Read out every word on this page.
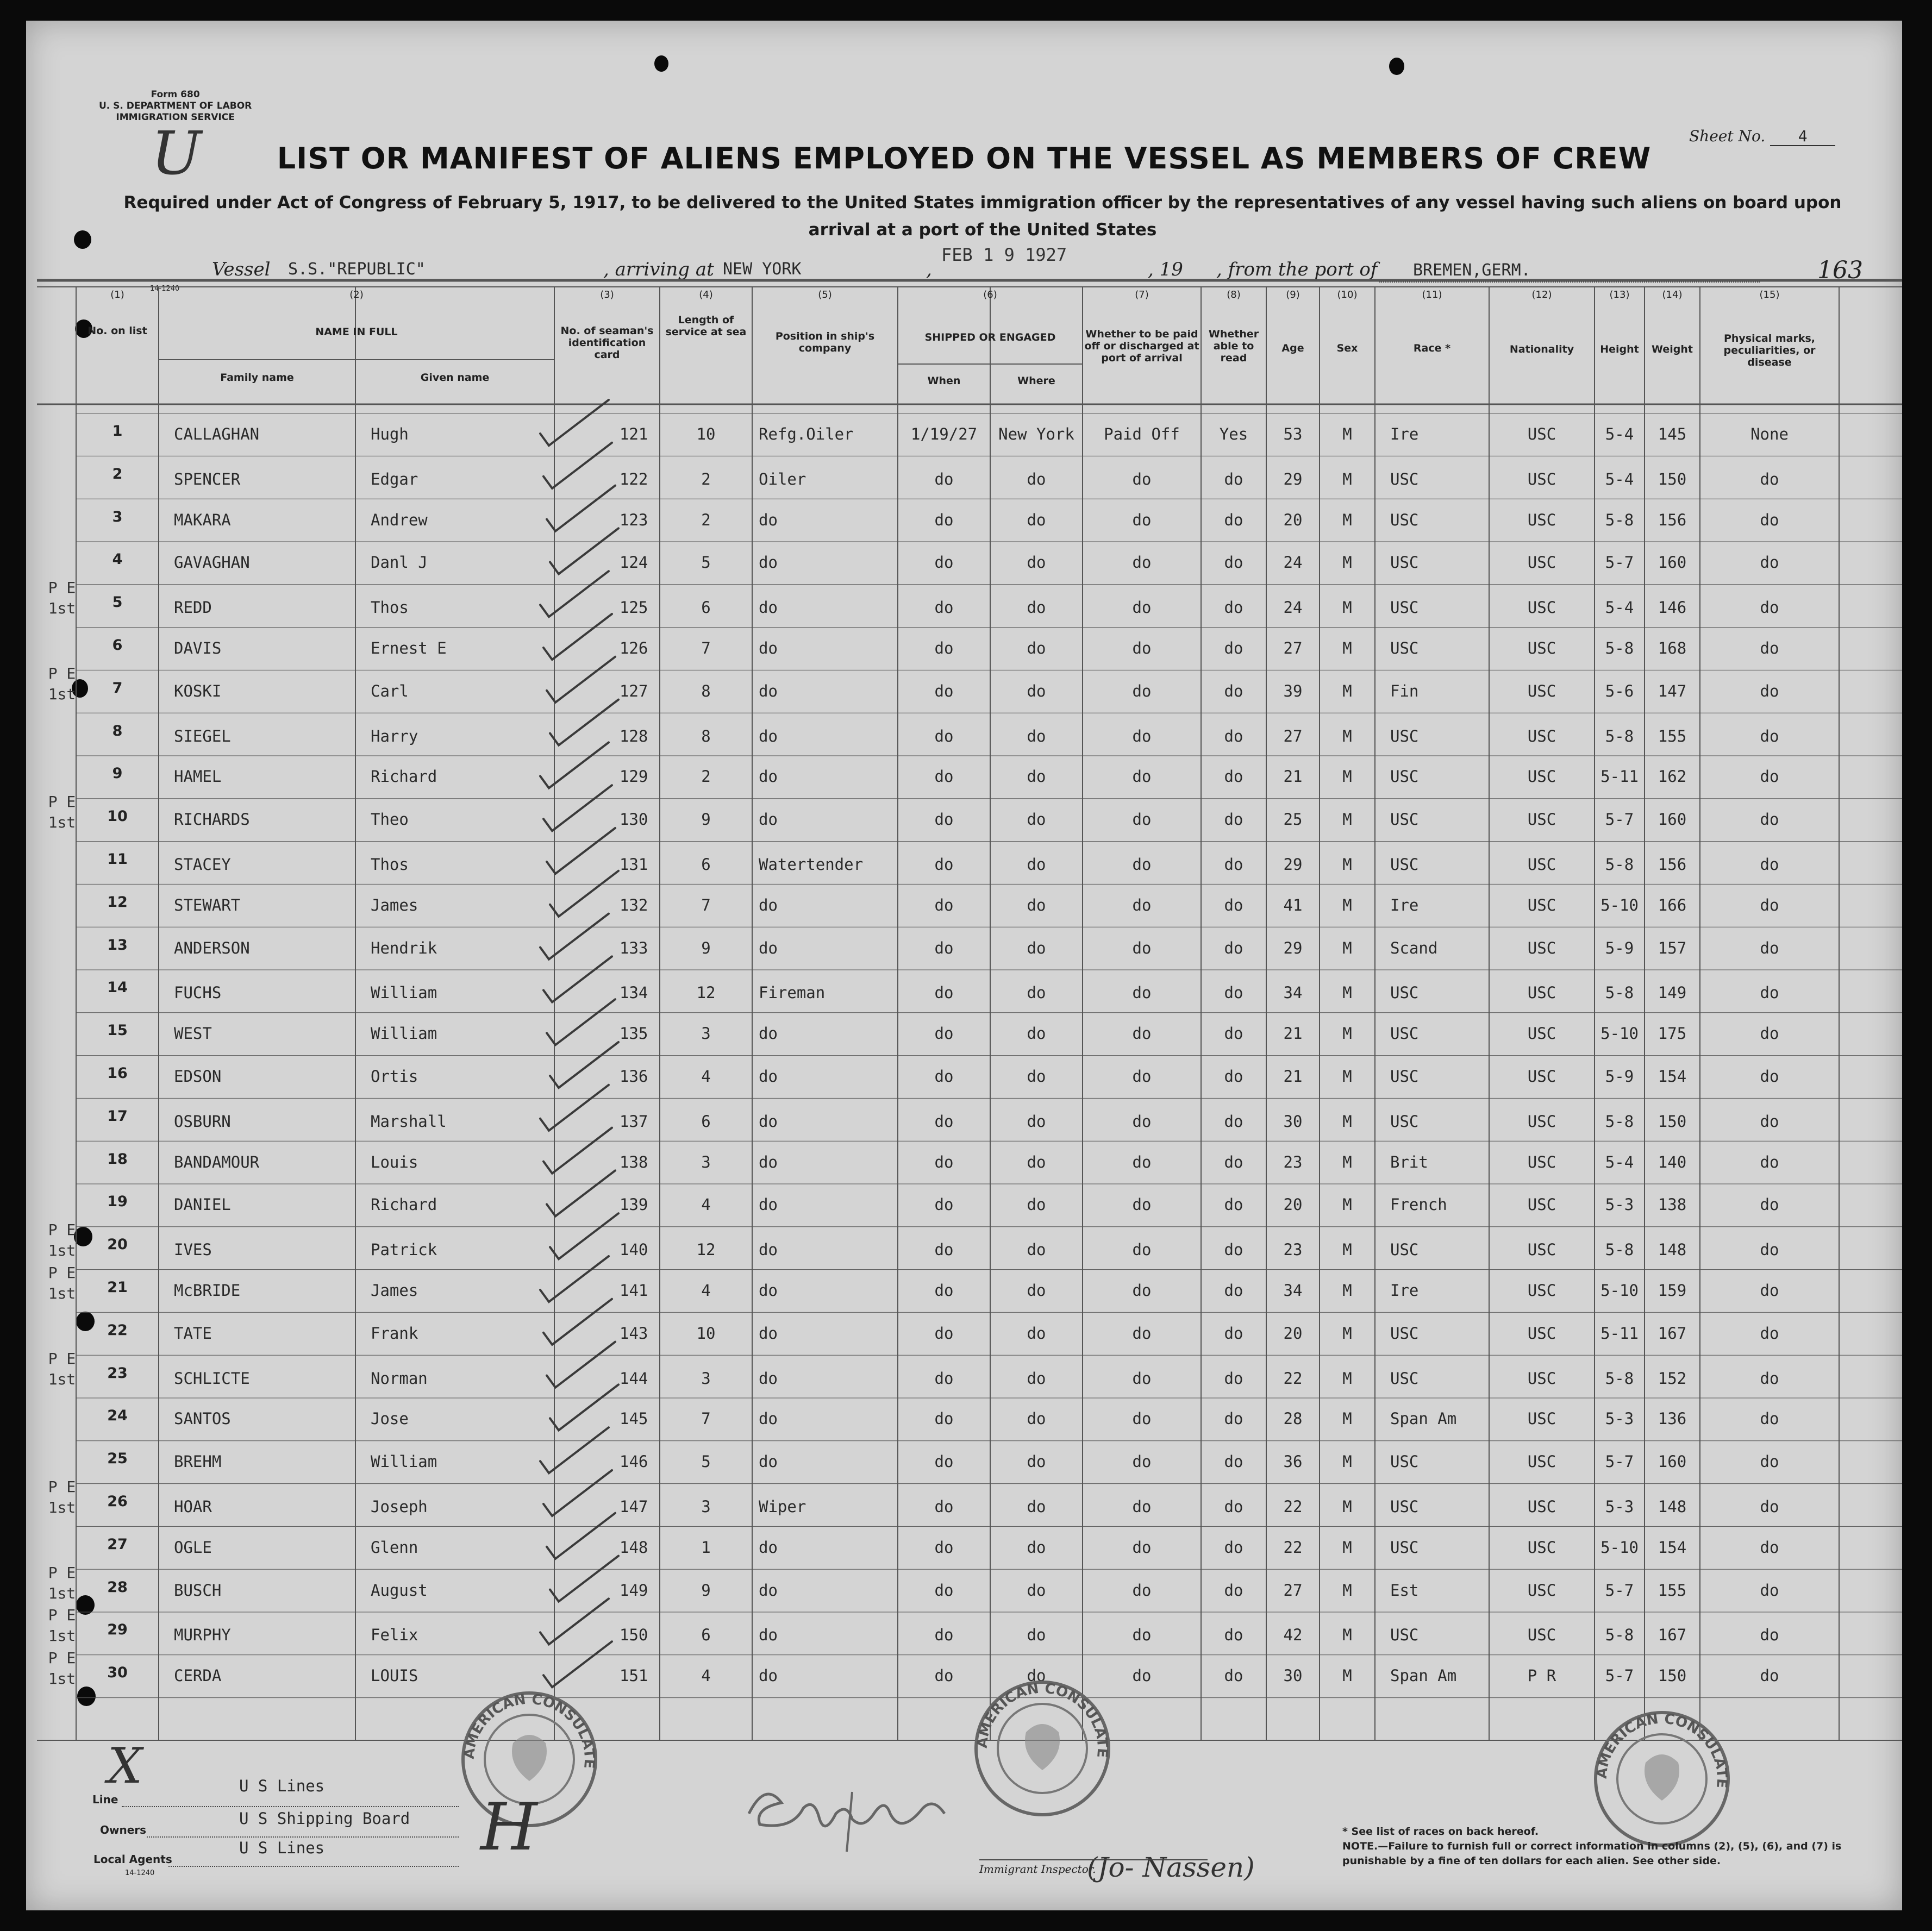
Form 680
U. S. DEPARTMENT OF LABOR
IMMIGRATION SERVICE
U	Sheet No. 4
LIST OR MANIFEST OF ALIENS EMPLOYED ON THE VESSEL AS MEMBERS OF CREW
Required under Act of Congress of February 5, 1917, to be delivered to the United States immigration officer by the representatives of any vessel having such aliens on board upon arrival at a port of the United States
FEB 1 9 1927
Vessel S.S."REPUBLIC"	, arriving at NEW YORK	,	, 19 , from the port of BREMEN,GERM.	163
14-1240
(1)	(2)	(3)	(4)	(5)	(6)	(7)	(8)	(9)	(10)	(11)	(12)	(13)	(14)	(15)
No. on list	NAME IN FULL
Family name	Given name
No. of seaman's identification card
Length of service at sea	Position in ship's company
SHIPPED OR ENGAGED
When	Where
Whether to be paid off or discharged at port of arrival
Whether able to read
Age	Sex	Race *	Nationality	Height	Weight
Physical marks, peculiarities, or disease
1	CALLAGHAN	Hugh	121	10	Refg.Oiler	1/19/27	New York	Paid Off	Yes	53	M	Ire	USC	5-4	145	None
2	SPENCER	Edgar	122	2	Oiler	do	do	do	do	29	M	USC	USC	5-4	150	do
3	MAKARA	Andrew	123	2	do	do	do	do	do	20	M	USC	USC	5-8	156	do
4	GAVAGHAN	Danl J	124	5	do	do	do	do	do	24	M	USC	USC	5-7	160	do
5	REDD	Thos	125	6	do	do	do	do	do	24	M	USC	USC	5-4	146	do
6	DAVIS	Ernest E	126	7	do	do	do	do	do	27	M	USC	USC	5-8	168	do
7	KOSKI	Carl	127	8	do	do	do	do	do	39	M	Fin	USC	5-6	147	do
8	SIEGEL	Harry	128	8	do	do	do	do	do	27	M	USC	USC	5-8	155	do
9	HAMEL	Richard	129	2	do	do	do	do	do	21	M	USC	USC	5-11	162	do
10	RICHARDS	Theo	130	9	do	do	do	do	do	25	M	USC	USC	5-7	160	do
11	STACEY	Thos	131	6	Watertender	do	do	do	do	29	M	USC	USC	5-8	156	do
12	STEWART	James	132	7	do	do	do	do	do	41	M	Ire	USC	5-10	166	do
13	ANDERSON	Hendrik	133	9	do	do	do	do	do	29	M	Scand	USC	5-9	157	do
14	FUCHS	William	134	12	Fireman	do	do	do	do	34	M	USC	USC	5-8	149	do
15	WEST	William	135	3	do	do	do	do	do	21	M	USC	USC	5-10	175	do
16	EDSON	Ortis	136	4	do	do	do	do	do	21	M	USC	USC	5-9	154	do
17	OSBURN	Marshall	137	6	do	do	do	do	do	30	M	USC	USC	5-8	150	do
18	BANDAMOUR	Louis	138	3	do	do	do	do	do	23	M	Brit	USC	5-4	140	do
19	DANIEL	Richard	139	4	do	do	do	do	do	20	M	French	USC	5-3	138	do
20	IVES	Patrick	140	12	do	do	do	do	do	23	M	USC	USC	5-8	148	do
21	McBRIDE	James	141	4	do	do	do	do	do	34	M	Ire	USC	5-10	159	do
22	TATE	Frank	143	10	do	do	do	do	do	20	M	USC	USC	5-11	167	do
23	SCHLICTE	Norman	144	3	do	do	do	do	do	22	M	USC	USC	5-8	152	do
24	SANTOS	Jose	145	7	do	do	do	do	do	28	M	Span Am	USC	5-3	136	do
25	BREHM	William	146	5	do	do	do	do	do	36	M	USC	USC	5-7	160	do
26	HOAR	Joseph	147	3	Wiper	do	do	do	do	22	M	USC	USC	5-3	148	do
27	OGLE	Glenn	148	1	do	do	do	do	do	22	M	USC	USC	5-10	154	do
28	BUSCH	August	149	9	do	do	do	do	do	27	M	Est	USC	5-7	155	do
29	MURPHY	Felix	150	6	do	do	do	do	do	42	M	USC	USC	5-8	167	do
30	CERDA	LOUIS	151	4	do	do	do	do	do	30	M	Span Am	P R	5-7	150	do
P E 1st
P E 1st
P E 1st
P E 1st
P E 1st
P E 1st
P E 1st
P E 1st
P E 1st
P E 1st
AMERICAN CONSULATE
AMERICAN CONSULATE
AMERICAN CONSULATE
X
Line
U S Lines
Owners
U S Shipping Board
Local Agents
U S Lines
14-1240
H
Immigrant Inspector.
(Jo- Nassen)
* See list of races on back hereof.
NOTE.—Failure to furnish full or correct information in columns (2), (5), (6), and (7) is punishable by a fine of ten dollars for each alien. See other side.
